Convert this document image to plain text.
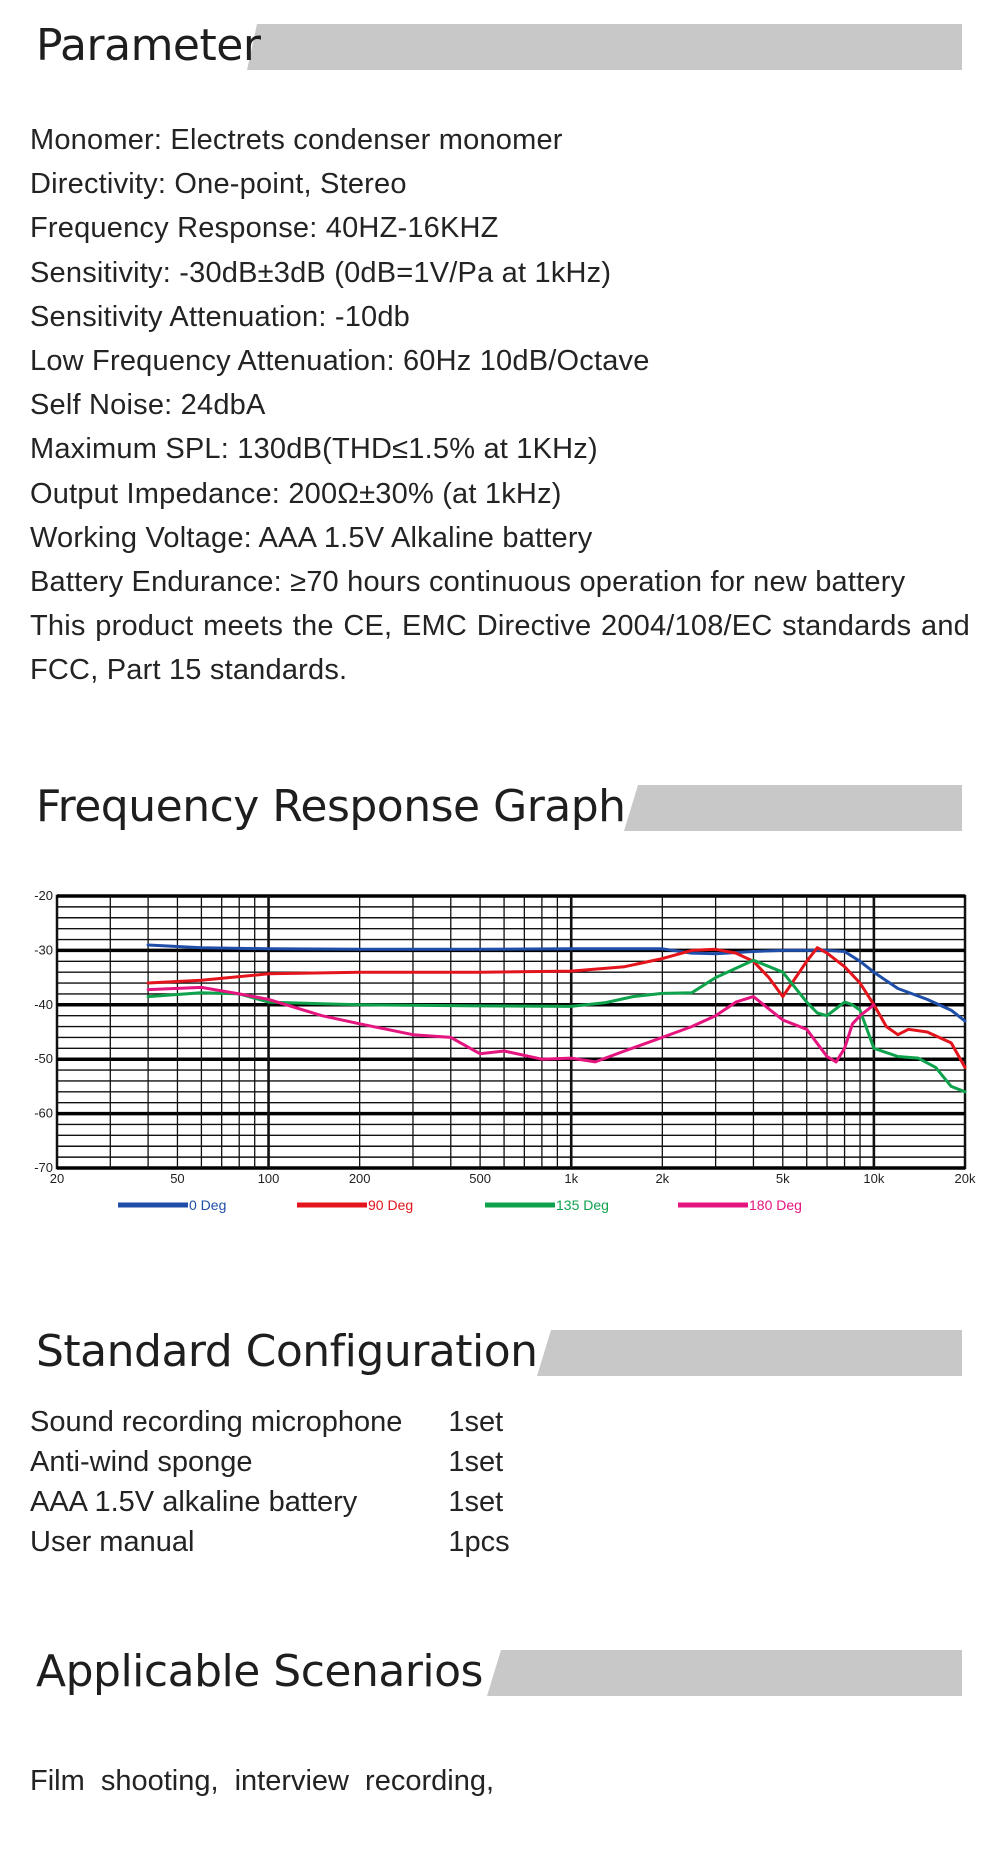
Parameter
Monomer: Electrets condenser monomer
Directivity: One-point, Stereo
Frequency Response: 40HZ-16KHZ
Sensitivity: -30dB±3dB (0dB=1V/Pa at 1kHz)
Sensitivity Attenuation: -10db
Low Frequency Attenuation: 60Hz 10dB/Octave
Self Noise: 24dbA
Maximum SPL: 130dB(THD≤1.5% at 1KHz)
Output Impedance: 200Ω±30% (at 1kHz)
Working Voltage: AAA 1.5V Alkaline battery
Battery Endurance: ≥70 hours continuous operation for new battery
This product meets the CE, EMC Directive 2004/108/EC standards and FCC, Part 15 standards.
Frequency Response Graph
-20
-30
-40
-50
-60
-70
20	50	100	200	500	1k	2k	5k	10k	20k
0 Deg	90 Deg	135 Deg	180 Deg
Standard Configuration
Sound recording microphone	1set
Anti-wind sponge	1set
AAA 1.5V alkaline battery	1set
User manual	1pcs
Applicable Scenarios
Film shooting, interview recording,
